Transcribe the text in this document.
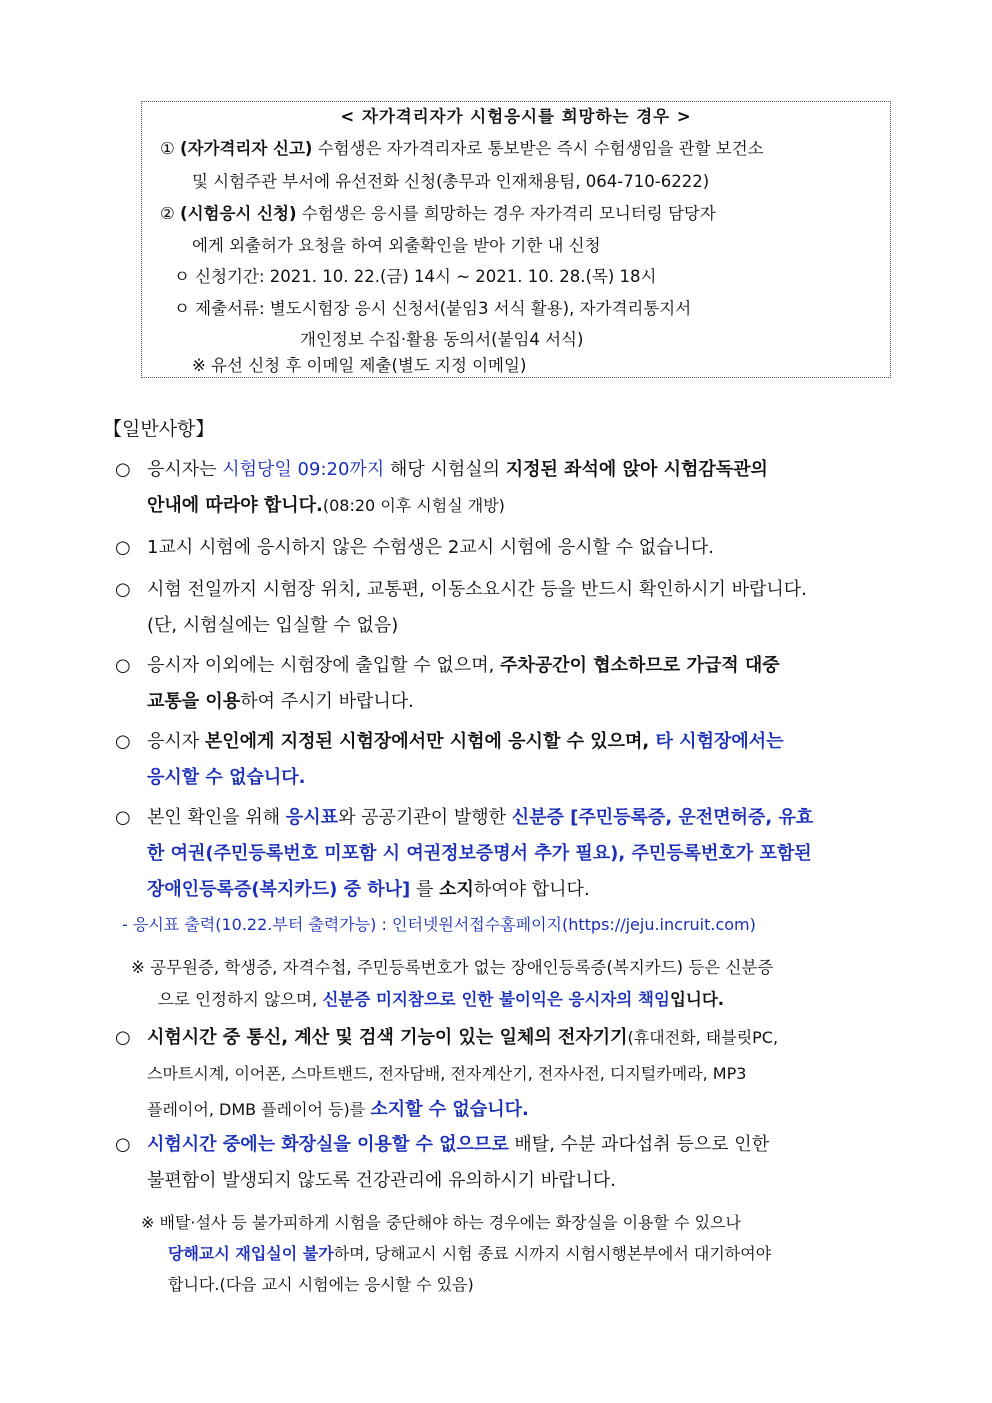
< 자가격리자가 시험응시를 희망하는 경우 >
① (자가격리자 신고) 수험생은 자가격리자로 통보받은 즉시 수험생임을 관할 보건소
및 시험주관 부서에 유선전화 신청(총무과 인재채용팀, 064-710-6222)
② (시험응시 신청) 수험생은 응시를 희망하는 경우 자가격리 모니터링 담당자
에게 외출허가 요청을 하여 외출확인을 받아 기한 내 신청
ㅇ 신청기간: 2021. 10. 22.(금) 14시 ~ 2021. 10. 28.(목) 18시
ㅇ 제출서류: 별도시험장 응시 신청서(붙임3 서식 활용), 자가격리통지서
개인정보 수집·활용 동의서(붙임4 서식)
※ 유선 신청 후 이메일 제출(별도 지정 이메일)
【일반사항】
○ 응시자는 시험당일 09:20까지 해당 시험실의 지정된 좌석에 앉아 시험감독관의
안내에 따라야 합니다.(08:20 이후 시험실 개방)
○ 1교시 시험에 응시하지 않은 수험생은 2교시 시험에 응시할 수 없습니다.
○ 시험 전일까지 시험장 위치, 교통편, 이동소요시간 등을 반드시 확인하시기 바랍니다.
(단, 시험실에는 입실할 수 없음)
○ 응시자 이외에는 시험장에 출입할 수 없으며, 주차공간이 협소하므로 가급적 대중
교통을 이용하여 주시기 바랍니다.
○ 응시자 본인에게 지정된 시험장에서만 시험에 응시할 수 있으며, 타 시험장에서는
응시할 수 없습니다.
○ 본인 확인을 위해 응시표와 공공기관이 발행한 신분증 [주민등록증, 운전면허증, 유효
한 여권(주민등록번호 미포함 시 여권정보증명서 추가 필요), 주민등록번호가 포함된
장애인등록증(복지카드) 중 하나] 를 소지하여야 합니다.
- 응시표 출력(10.22.부터 출력가능) : 인터넷원서접수홈페이지(https://jeju.incruit.com)
※ 공무원증, 학생증, 자격수첩, 주민등록번호가 없는 장애인등록증(복지카드) 등은 신분증
으로 인정하지 않으며, 신분증 미지참으로 인한 불이익은 응시자의 책임입니다.
○ 시험시간 중 통신, 계산 및 검색 기능이 있는 일체의 전자기기(휴대전화, 태블릿PC,
스마트시계, 이어폰, 스마트밴드, 전자담배, 전자계산기, 전자사전, 디지털카메라, MP3
플레이어, DMB 플레이어 등)를 소지할 수 없습니다.
○ 시험시간 중에는 화장실을 이용할 수 없으므로 배탈, 수분 과다섭취 등으로 인한
불편함이 발생되지 않도록 건강관리에 유의하시기 바랍니다.
※ 배탈·설사 등 불가피하게 시험을 중단해야 하는 경우에는 화장실을 이용할 수 있으나
당해교시 재입실이 불가하며, 당해교시 시험 종료 시까지 시험시행본부에서 대기하여야
합니다.(다음 교시 시험에는 응시할 수 있음)
